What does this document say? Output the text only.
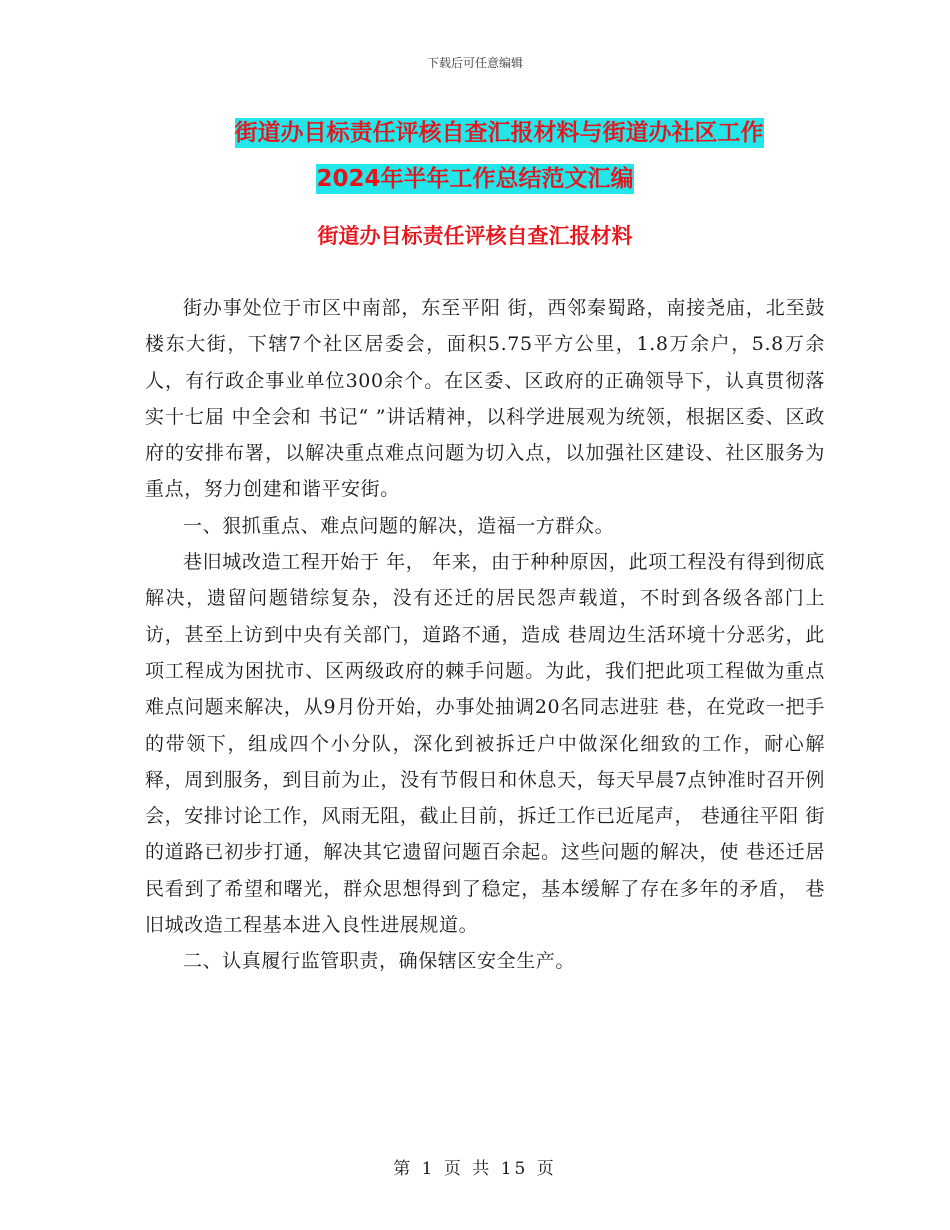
下载后可任意编辑
街道办目标责任评核自查汇报材料与街道办社区工作
2024年半年工作总结范文汇编
街道办目标责任评核自查汇报材料

街办事处位于市区中南部，东至平阳 街，西邻秦蜀路，南接尧庙，北至鼓楼东大街，下辖7个社区居委会，面积5.75平方公里，1.8万余户，5.8万余人，有行政企事业单位300余个。在区委、区政府的正确领导下，认真贯彻落实十七届 中全会和 书记“ ”讲话精神，以科学进展观为统领，根据区委、区政府的安排布署，以解决重点难点问题为切入点，以加强社区建设、社区服务为重点，努力创建和谐平安街。

一、狠抓重点、难点问题的解决，造福一方群众。

巷旧城改造工程开始于 年， 年来，由于种种原因，此项工程没有得到彻底解决，遗留问题错综复杂，没有还迁的居民怨声载道，不时到各级各部门上访，甚至上访到中央有关部门，道路不通，造成 巷周边生活环境十分恶劣，此项工程成为困扰市、区两级政府的棘手问题。为此，我们把此项工程做为重点难点问题来解决，从9月份开始，办事处抽调20名同志进驻 巷，在党政一把手的带领下，组成四个小分队，深化到被拆迁户中做深化细致的工作，耐心解释，周到服务，到目前为止，没有节假日和休息天，每天早晨7点钟准时召开例会，安排讨论工作，风雨无阻，截止目前，拆迁工作已近尾声， 巷通往平阳 街的道路已初步打通，解决其它遗留问题百余起。这些问题的解决，使 巷还迁居民看到了希望和曙光，群众思想得到了稳定，基本缓解了存在多年的矛盾， 巷旧城改造工程基本进入良性进展规道。

二、认真履行监管职责，确保辖区安全生产。

第 1 页 共 15 页
